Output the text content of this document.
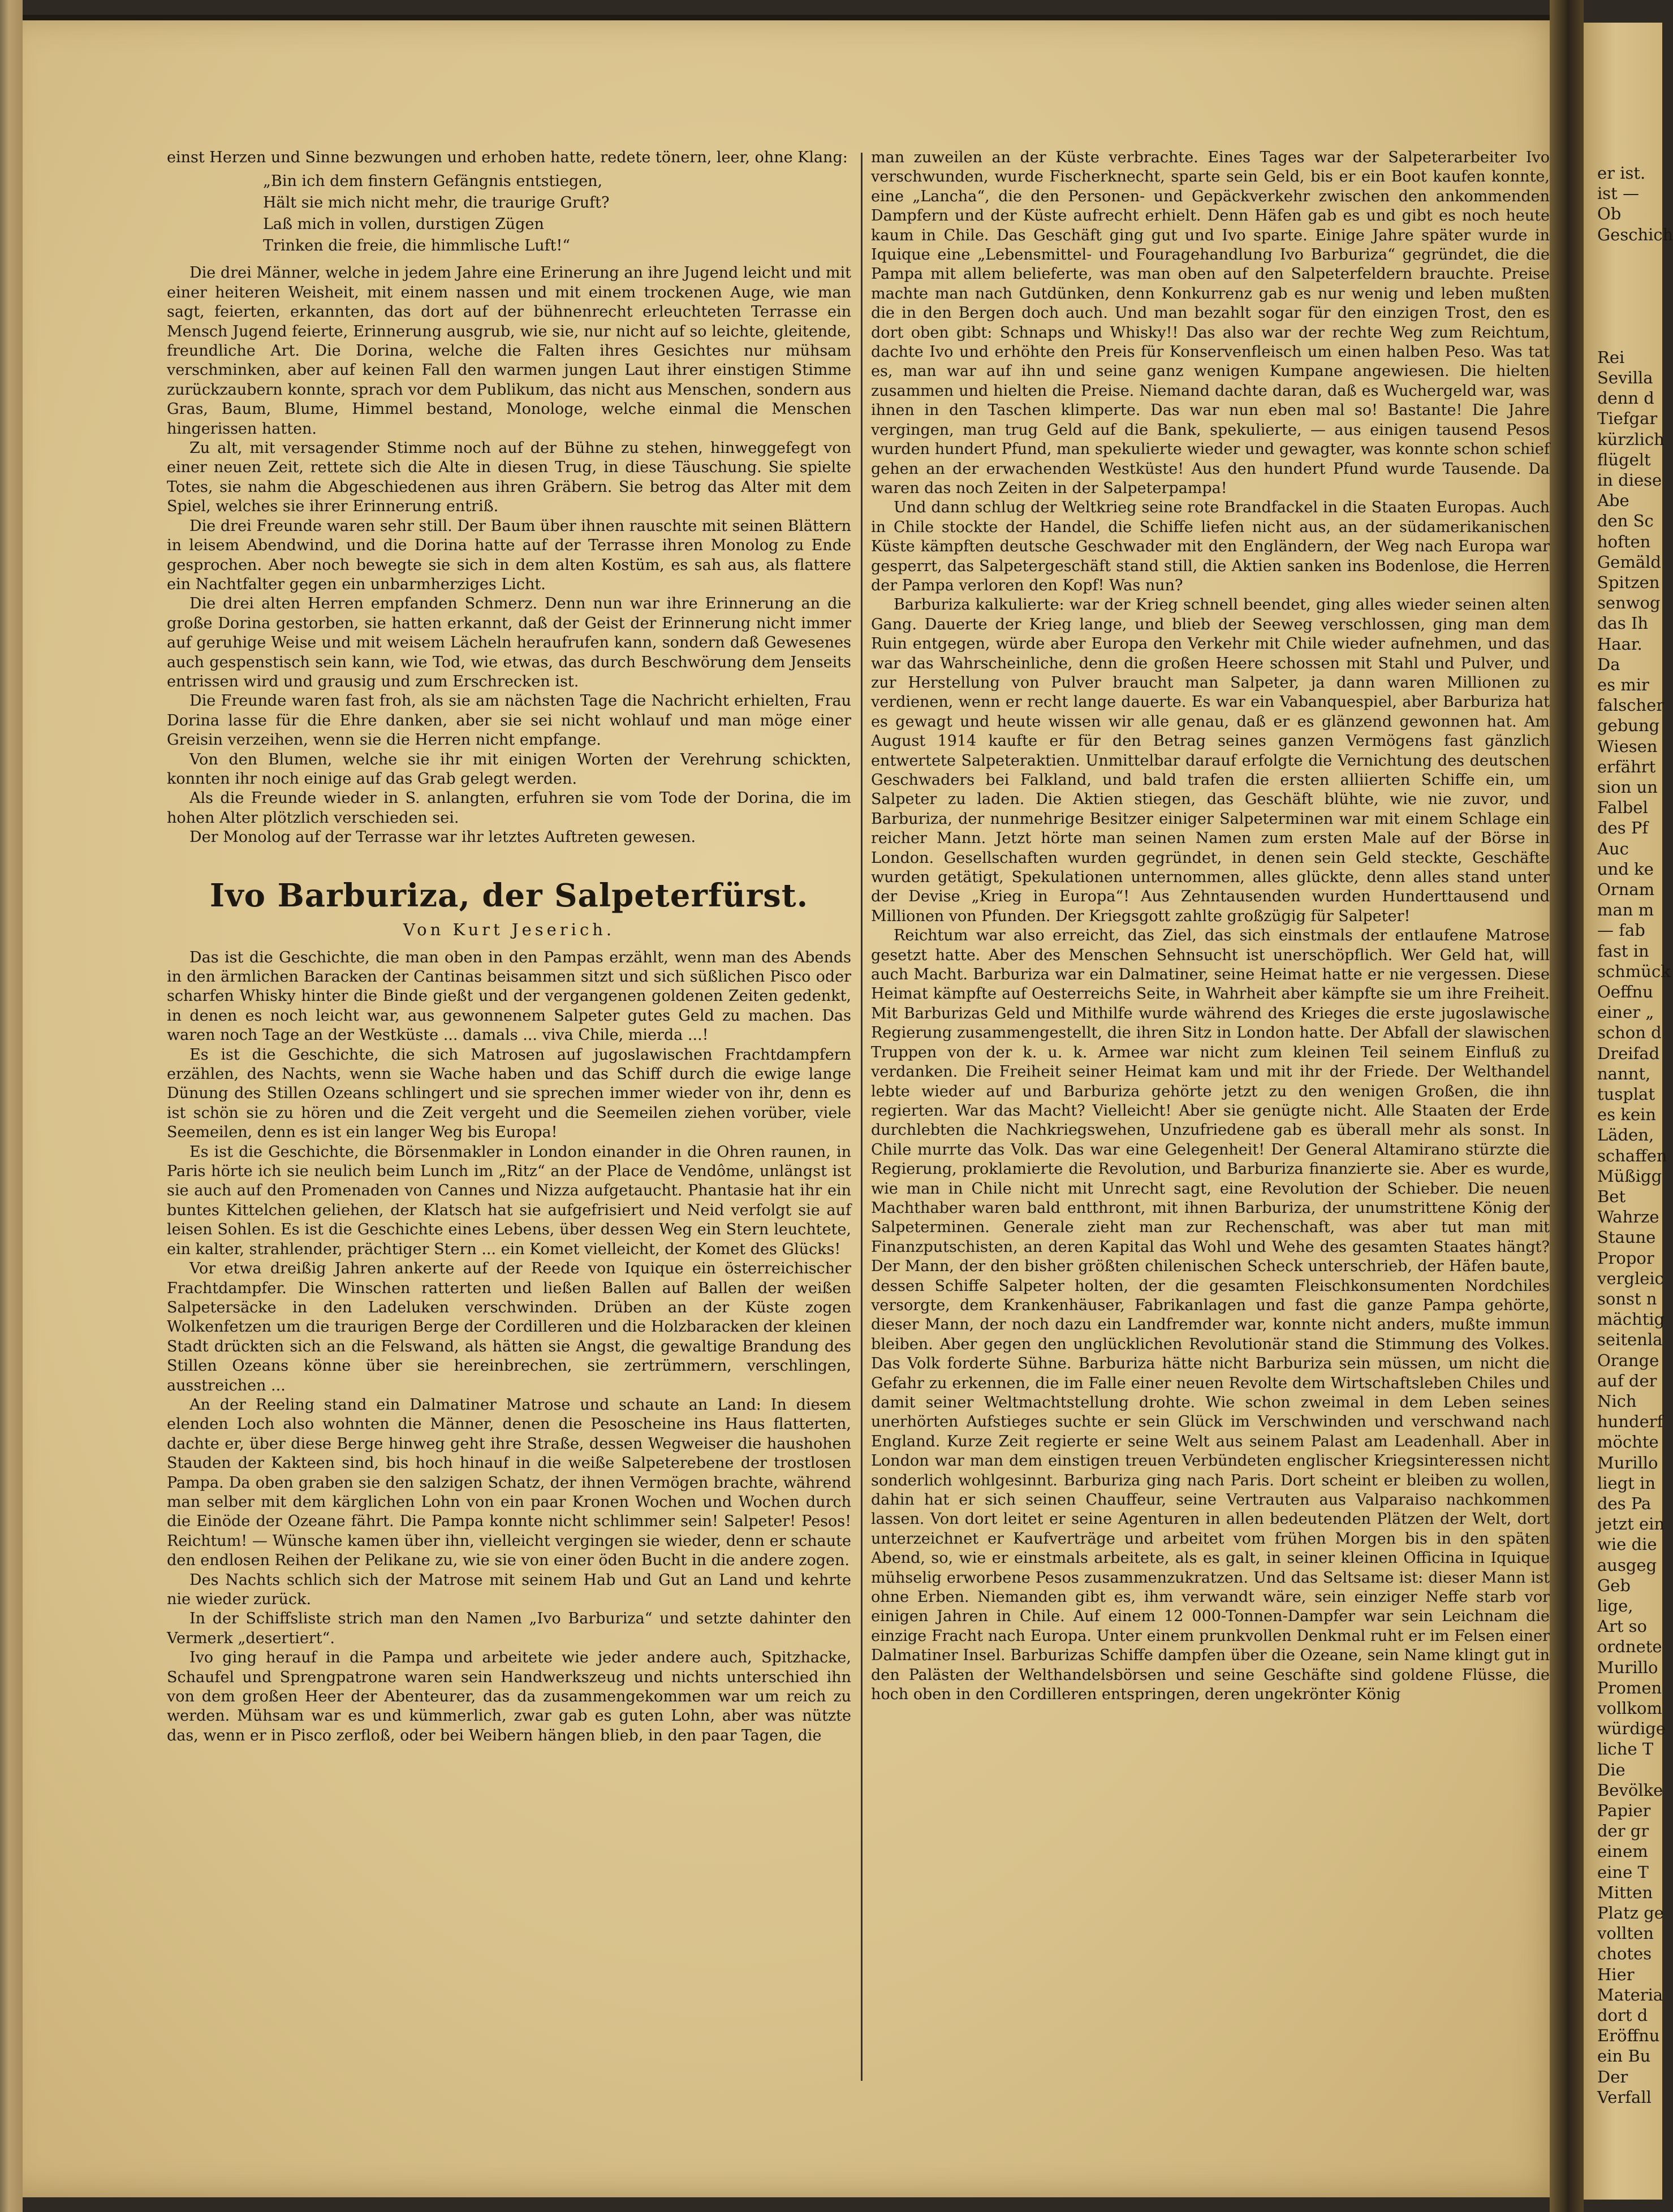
er ist.
ist —
Ob
Geschich
Rei
Sevilla
denn d
Tiefgar
kürzlich
flügelt
in diese
Abe
den Sc
hoften
Gemäld
Spitzen
senwog
das Ih
Haar.
Da
es mir
falscher
gebung
Wiesen
erfährt
sion un
Falbel
des Pf
Auc
und ke
Ornam
man m
— fab
fast in
schmück
Oeffnu
einer „
schon d
Dreifad
nannt,
tusplat
es kein
Läden,
schaffen
Müßigg
Bet
Wahrze
Staune
Propor
vergleic
sonst n
mächtig
seitenla
Orange
auf der
Nich
hunderf
möchte
Murillo
liegt in
des Pa
jetzt ein
wie die
ausgeg
Geb
lige,
Art so
ordnete
Murillo
Promen
vollkom
würdige
liche T
Die
Bevölke
Papier
der gr
einem
eine T
Mitten
Platz ge
vollten
chotes
Hier
Materia
dort d
Eröffnu
ein Bu
Der
Verfall

einst Herzen und Sinne bezwungen und erhoben hatte, redete tönern, leer, ohne Klang:

„Bin ich dem finstern Gefängnis entstiegen,
Hält sie mich nicht mehr, die traurige Gruft?
Laß mich in vollen, durstigen Zügen
Trinken die freie, die himmlische Luft!“

Die drei Männer, welche in jedem Jahre eine Erinerung an ihre Jugend leicht und mit einer heiteren Weisheit, mit einem nassen und mit einem trockenen Auge, wie man sagt, feierten, erkannten, das dort auf der bühnenrecht erleuchteten Terrasse ein Mensch Jugend feierte, Erinnerung ausgrub, wie sie, nur nicht auf so leichte, gleitende, freundliche Art. Die Dorina, welche die Falten ihres Gesichtes nur mühsam verschminken, aber auf keinen Fall den warmen jungen Laut ihrer einstigen Stimme zurückzaubern konnte, sprach vor dem Publikum, das nicht aus Menschen, sondern aus Gras, Baum, Blume, Himmel bestand, Monologe, welche einmal die Menschen hingerissen hatten.

Zu alt, mit versagender Stimme noch auf der Bühne zu stehen, hinweggefegt von einer neuen Zeit, rettete sich die Alte in diesen Trug, in diese Täuschung. Sie spielte Totes, sie nahm die Abgeschiedenen aus ihren Gräbern. Sie betrog das Alter mit dem Spiel, welches sie ihrer Erinnerung entriß.

Die drei Freunde waren sehr still. Der Baum über ihnen rauschte mit seinen Blättern in leisem Abendwind, und die Dorina hatte auf der Terrasse ihren Monolog zu Ende gesprochen. Aber noch bewegte sie sich in dem alten Kostüm, es sah aus, als flattere ein Nachtfalter gegen ein unbarmherziges Licht.

Die drei alten Herren empfanden Schmerz. Denn nun war ihre Erinnerung an die große Dorina gestorben, sie hatten erkannt, daß der Geist der Erinnerung nicht immer auf geruhige Weise und mit weisem Lächeln heraufrufen kann, sondern daß Gewesenes auch gespenstisch sein kann, wie Tod, wie etwas, das durch Beschwörung dem Jenseits entrissen wird und grausig und zum Erschrecken ist.

Die Freunde waren fast froh, als sie am nächsten Tage die Nachricht erhielten, Frau Dorina lasse für die Ehre danken, aber sie sei nicht wohlauf und man möge einer Greisin verzeihen, wenn sie die Herren nicht empfange.

Von den Blumen, welche sie ihr mit einigen Worten der Verehrung schickten, konnten ihr noch einige auf das Grab gelegt werden.

Als die Freunde wieder in S. anlangten, erfuhren sie vom Tode der Dorina, die im hohen Alter plötzlich verschieden sei.

Der Monolog auf der Terrasse war ihr letztes Auftreten gewesen.

Ivo Barburiza, der Salpeterfürst.
Von Kurt Jeserich.

Das ist die Geschichte, die man oben in den Pampas erzählt, wenn man des Abends in den ärmlichen Baracken der Cantinas beisammen sitzt und sich süßlichen Pisco oder scharfen Whisky hinter die Binde gießt und der vergangenen goldenen Zeiten gedenkt, in denen es noch leicht war, aus gewonnenem Salpeter gutes Geld zu machen. Das waren noch Tage an der Westküste ... damals ... viva Chile, mierda ...!

Es ist die Geschichte, die sich Matrosen auf jugoslawischen Frachtdampfern erzählen, des Nachts, wenn sie Wache haben und das Schiff durch die ewige lange Dünung des Stillen Ozeans schlingert und sie sprechen immer wieder von ihr, denn es ist schön sie zu hören und die Zeit vergeht und die Seemeilen ziehen vorüber, viele Seemeilen, denn es ist ein langer Weg bis Europa!

Es ist die Geschichte, die Börsenmakler in London einander in die Ohren raunen, in Paris hörte ich sie neulich beim Lunch im „Ritz“ an der Place de Vendôme, unlängst ist sie auch auf den Promenaden von Cannes und Nizza aufgetaucht. Phantasie hat ihr ein buntes Kittelchen geliehen, der Klatsch hat sie aufgefrisiert und Neid verfolgt sie auf leisen Sohlen. Es ist die Geschichte eines Lebens, über dessen Weg ein Stern leuchtete, ein kalter, strahlender, prächtiger Stern ... ein Komet vielleicht, der Komet des Glücks!

Vor etwa dreißig Jahren ankerte auf der Reede von Iquique ein österreichischer Frachtdampfer. Die Winschen ratterten und ließen Ballen auf Ballen der weißen Salpetersäcke in den Ladeluken verschwinden. Drüben an der Küste zogen Wolkenfetzen um die traurigen Berge der Cordilleren und die Holzbaracken der kleinen Stadt drückten sich an die Felswand, als hätten sie Angst, die gewaltige Brandung des Stillen Ozeans könne über sie hereinbrechen, sie zertrümmern, verschlingen, ausstreichen ...

An der Reeling stand ein Dalmatiner Matrose und schaute an Land: In diesem elenden Loch also wohnten die Männer, denen die Pesoscheine ins Haus flatterten, dachte er, über diese Berge hinweg geht ihre Straße, dessen Wegweiser die haushohen Stauden der Kakteen sind, bis hoch hinauf in die weiße Salpeterebene der trostlosen Pampa. Da oben graben sie den salzigen Schatz, der ihnen Vermögen brachte, während man selber mit dem kärglichen Lohn von ein paar Kronen Wochen und Wochen durch die Einöde der Ozeane fährt. Die Pampa konnte nicht schlimmer sein! Salpeter! Pesos! Reichtum! — Wünsche kamen über ihn, vielleicht vergingen sie wieder, denn er schaute den endlosen Reihen der Pelikane zu, wie sie von einer öden Bucht in die andere zogen.

Des Nachts schlich sich der Matrose mit seinem Hab und Gut an Land und kehrte nie wieder zurück.

In der Schiffsliste strich man den Namen „Ivo Barburiza“ und setzte dahinter den Vermerk „desertiert“.

Ivo ging herauf in die Pampa und arbeitete wie jeder andere auch, Spitzhacke, Schaufel und Sprengpatrone waren sein Handwerkszeug und nichts unterschied ihn von dem großen Heer der Abenteurer, das da zusammengekommen war um reich zu werden. Mühsam war es und kümmerlich, zwar gab es guten Lohn, aber was nützte das, wenn er in Pisco zerfloß, oder bei Weibern hängen blieb, in den paar Tagen, die

man zuweilen an der Küste verbrachte. Eines Tages war der Salpeterarbeiter Ivo verschwunden, wurde Fischerknecht, sparte sein Geld, bis er ein Boot kaufen konnte, eine „Lancha“, die den Personen- und Gepäckverkehr zwischen den ankommenden Dampfern und der Küste aufrecht erhielt. Denn Häfen gab es und gibt es noch heute kaum in Chile. Das Geschäft ging gut und Ivo sparte. Einige Jahre später wurde in Iquique eine „Lebensmittel- und Fouragehandlung Ivo Barburiza“ gegründet, die die Pampa mit allem belieferte, was man oben auf den Salpeterfeldern brauchte. Preise machte man nach Gutdünken, denn Konkurrenz gab es nur wenig und leben mußten die in den Bergen doch auch. Und man bezahlt sogar für den einzigen Trost, den es dort oben gibt: Schnaps und Whisky!! Das also war der rechte Weg zum Reichtum, dachte Ivo und erhöhte den Preis für Konservenfleisch um einen halben Peso. Was tat es, man war auf ihn und seine ganz wenigen Kumpane angewiesen. Die hielten zusammen und hielten die Preise. Niemand dachte daran, daß es Wuchergeld war, was ihnen in den Taschen klimperte. Das war nun eben mal so! Bastante! Die Jahre vergingen, man trug Geld auf die Bank, spekulierte, — aus einigen tausend Pesos wurden hundert Pfund, man spekulierte wieder und gewagter, was konnte schon schief gehen an der erwachenden Westküste! Aus den hundert Pfund wurde Tausende. Da waren das noch Zeiten in der Salpeterpampa!

Und dann schlug der Weltkrieg seine rote Brandfackel in die Staaten Europas. Auch in Chile stockte der Handel, die Schiffe liefen nicht aus, an der südamerikanischen Küste kämpften deutsche Geschwader mit den Engländern, der Weg nach Europa war gesperrt, das Salpetergeschäft stand still, die Aktien sanken ins Bodenlose, die Herren der Pampa verloren den Kopf! Was nun?

Barburiza kalkulierte: war der Krieg schnell beendet, ging alles wieder seinen alten Gang. Dauerte der Krieg lange, und blieb der Seeweg verschlossen, ging man dem Ruin entgegen, würde aber Europa den Verkehr mit Chile wieder aufnehmen, und das war das Wahrscheinliche, denn die großen Heere schossen mit Stahl und Pulver, und zur Herstellung von Pulver braucht man Salpeter, ja dann waren Millionen zu verdienen, wenn er recht lange dauerte. Es war ein Vabanquespiel, aber Barburiza hat es gewagt und heute wissen wir alle genau, daß er es glänzend gewonnen hat. Am August 1914 kaufte er für den Betrag seines ganzen Vermögens fast gänzlich entwertete Salpeteraktien. Unmittelbar darauf erfolgte die Vernichtung des deutschen Geschwaders bei Falkland, und bald trafen die ersten alliierten Schiffe ein, um Salpeter zu laden. Die Aktien stiegen, das Geschäft blühte, wie nie zuvor, und Barburiza, der nunmehrige Besitzer einiger Salpeterminen war mit einem Schlage ein reicher Mann. Jetzt hörte man seinen Namen zum ersten Male auf der Börse in London. Gesellschaften wurden gegründet, in denen sein Geld steckte, Geschäfte wurden getätigt, Spekulationen unternommen, alles glückte, denn alles stand unter der Devise „Krieg in Europa“! Aus Zehntausenden wurden Hunderttausend und Millionen von Pfunden. Der Kriegsgott zahlte großzügig für Salpeter!

Reichtum war also erreicht, das Ziel, das sich einstmals der entlaufene Matrose gesetzt hatte. Aber des Menschen Sehnsucht ist unerschöpflich. Wer Geld hat, will auch Macht. Barburiza war ein Dalmatiner, seine Heimat hatte er nie vergessen. Diese Heimat kämpfte auf Oesterreichs Seite, in Wahrheit aber kämpfte sie um ihre Freiheit. Mit Barburizas Geld und Mithilfe wurde während des Krieges die erste jugoslawische Regierung zusammengestellt, die ihren Sitz in London hatte. Der Abfall der slawischen Truppen von der k. u. k. Armee war nicht zum kleinen Teil seinem Einfluß zu verdanken. Die Freiheit seiner Heimat kam und mit ihr der Friede. Der Welthandel lebte wieder auf und Barburiza gehörte jetzt zu den wenigen Großen, die ihn regierten. War das Macht? Vielleicht! Aber sie genügte nicht. Alle Staaten der Erde durchlebten die Nachkriegswehen, Unzufriedene gab es überall mehr als sonst. In Chile murrte das Volk. Das war eine Gelegenheit! Der General Altamirano stürzte die Regierung, proklamierte die Revolution, und Barburiza finanzierte sie. Aber es wurde, wie man in Chile nicht mit Unrecht sagt, eine Revolution der Schieber. Die neuen Machthaber waren bald entthront, mit ihnen Barburiza, der unumstrittene König der Salpeterminen. Generale zieht man zur Rechenschaft, was aber tut man mit Finanzputschisten, an deren Kapital das Wohl und Wehe des gesamten Staates hängt? Der Mann, der den bisher größten chilenischen Scheck unterschrieb, der Häfen baute, dessen Schiffe Salpeter holten, der die gesamten Fleischkonsumenten Nordchiles versorgte, dem Krankenhäuser, Fabrikanlagen und fast die ganze Pampa gehörte, dieser Mann, der noch dazu ein Landfremder war, konnte nicht anders, mußte immun bleiben. Aber gegen den unglücklichen Revolutionär stand die Stimmung des Volkes. Das Volk forderte Sühne. Barburiza hätte nicht Barburiza sein müssen, um nicht die Gefahr zu erkennen, die im Falle einer neuen Revolte dem Wirtschaftsleben Chiles und damit seiner Weltmachtstellung drohte. Wie schon zweimal in dem Leben seines unerhörten Aufstieges suchte er sein Glück im Verschwinden und verschwand nach England. Kurze Zeit regierte er seine Welt aus seinem Palast am Leadenhall. Aber in London war man dem einstigen treuen Verbündeten englischer Kriegsinteressen nicht sonderlich wohlgesinnt. Barburiza ging nach Paris. Dort scheint er bleiben zu wollen, dahin hat er sich seinen Chauffeur, seine Vertrauten aus Valparaiso nachkommen lassen. Von dort leitet er seine Agenturen in allen bedeutenden Plätzen der Welt, dort unterzeichnet er Kaufverträge und arbeitet vom frühen Morgen bis in den späten Abend, so, wie er einstmals arbeitete, als es galt, in seiner kleinen Officina in Iquique mühselig erworbene Pesos zusammenzukratzen. Und das Seltsame ist: dieser Mann ist ohne Erben. Niemanden gibt es, ihm verwandt wäre, sein einziger Neffe starb vor einigen Jahren in Chile. Auf einem 12 000-Tonnen-Dampfer war sein Leichnam die einzige Fracht nach Europa. Unter einem prunkvollen Denkmal ruht er im Felsen einer Dalmatiner Insel. Barburizas Schiffe dampfen über die Ozeane, sein Name klingt gut in den Palästen der Welthandelsbörsen und seine Geschäfte sind goldene Flüsse, die hoch oben in den Cordilleren entspringen, deren ungekrönter König
